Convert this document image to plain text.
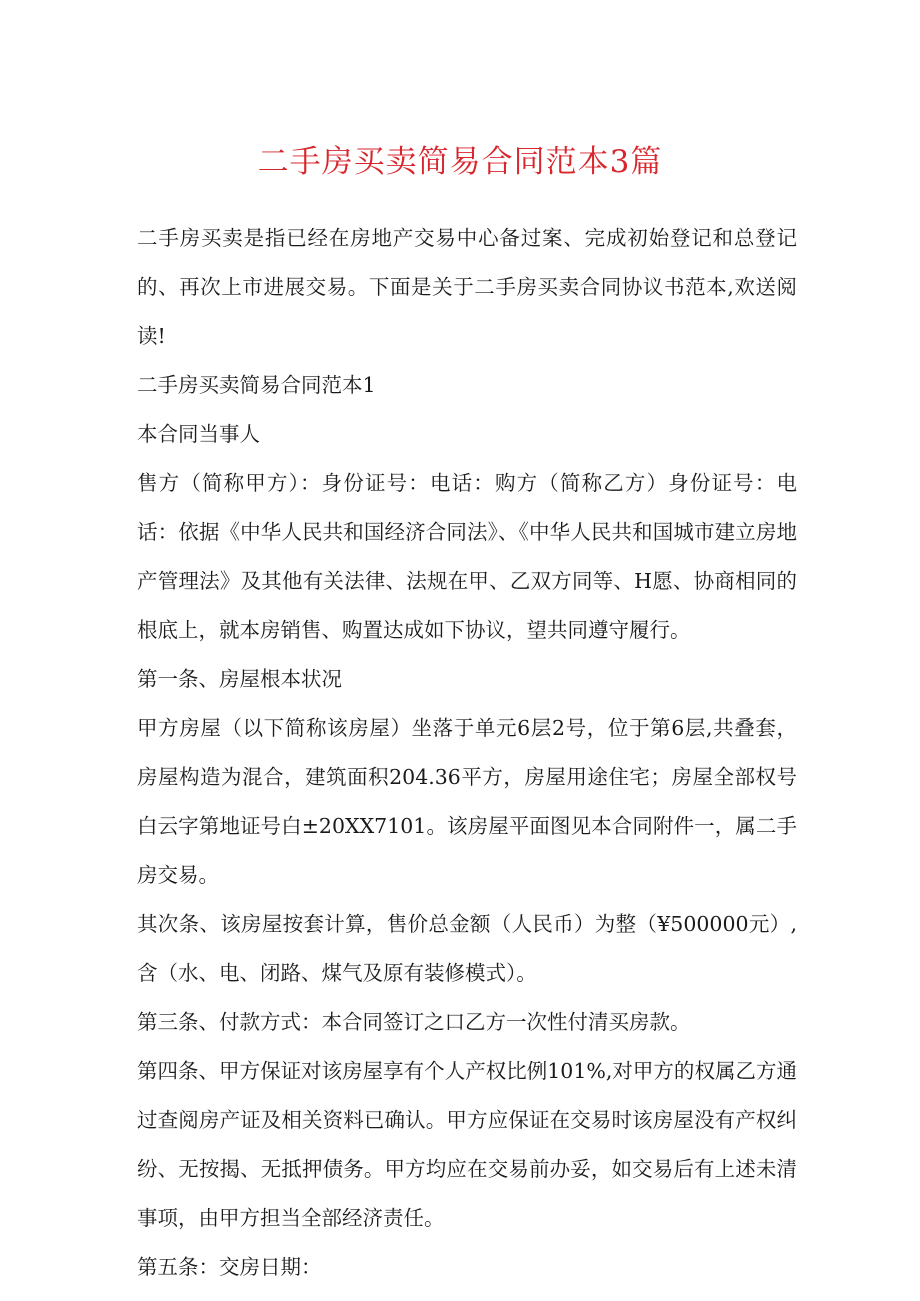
二手房买卖简易合同范本3篇

二手房买卖是指已经在房地产交易中心备过案、完成初始登记和总登记的、再次上市进展交易。下面是关于二手房买卖合同协议书范本,欢送阅读!

二手房买卖简易合同范本1

本合同当事人

售方（简称甲方）：身份证号：电话：购方（简称乙方）身份证号：电话：依据《中华人民共和国经济合同法》、《中华人民共和国城市建立房地产管理法》及其他有关法律、法规在甲、乙双方同等、H愿、协商相同的根底上，就本房销售、购置达成如下协议，望共同遵守履行。

第一条、房屋根本状况

甲方房屋（以下简称该房屋）坐落于单元6层2号，位于第6层,共叠套，房屋构造为混合，建筑面积204.36平方，房屋用途住宅；房屋全部权号白云字第地证号白±20XX7101。该房屋平面图见本合同附件一，属二手房交易。

其次条、该房屋按套计算，售价总金额（人民币）为整（¥500000元）,含（水、电、闭路、煤气及原有装修模式）。

第三条、付款方式：本合同签订之口乙方一次性付清买房款。

第四条、甲方保证对该房屋享有个人产权比例101%,对甲方的权属乙方通过查阅房产证及相关资料已确认。甲方应保证在交易时该房屋没有产权纠纷、无按揭、无抵押债务。甲方均应在交易前办妥，如交易后有上述未清事项，由甲方担当全部经济责任。

第五条：交房日期：
